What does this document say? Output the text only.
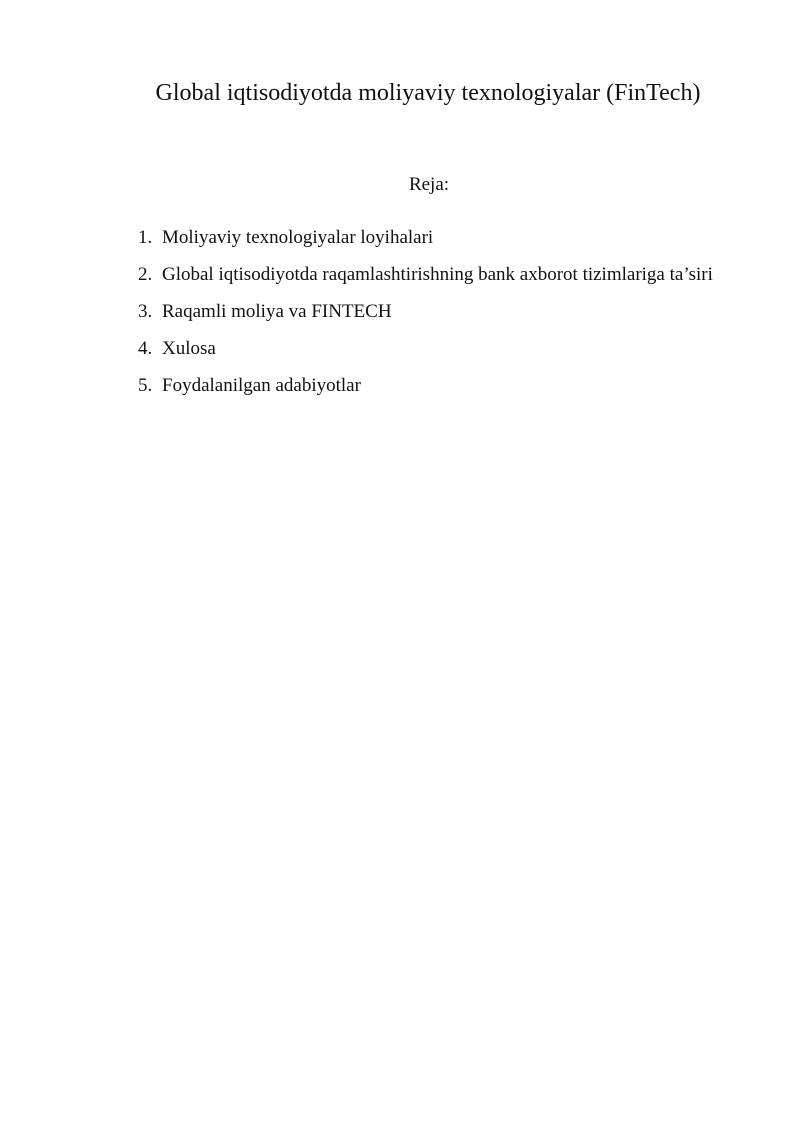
Global iqtisodiyotda moliyaviy texnologiyalar (FinTech)
Reja:
1. Moliyaviy texnologiyalar loyihalari
2. Global iqtisodiyotda raqamlashtirishning bank axborot tizimlariga ta’siri
3. Raqamli moliya va FINTECH
4. Xulosa
5. Foydalanilgan adabiyotlar
